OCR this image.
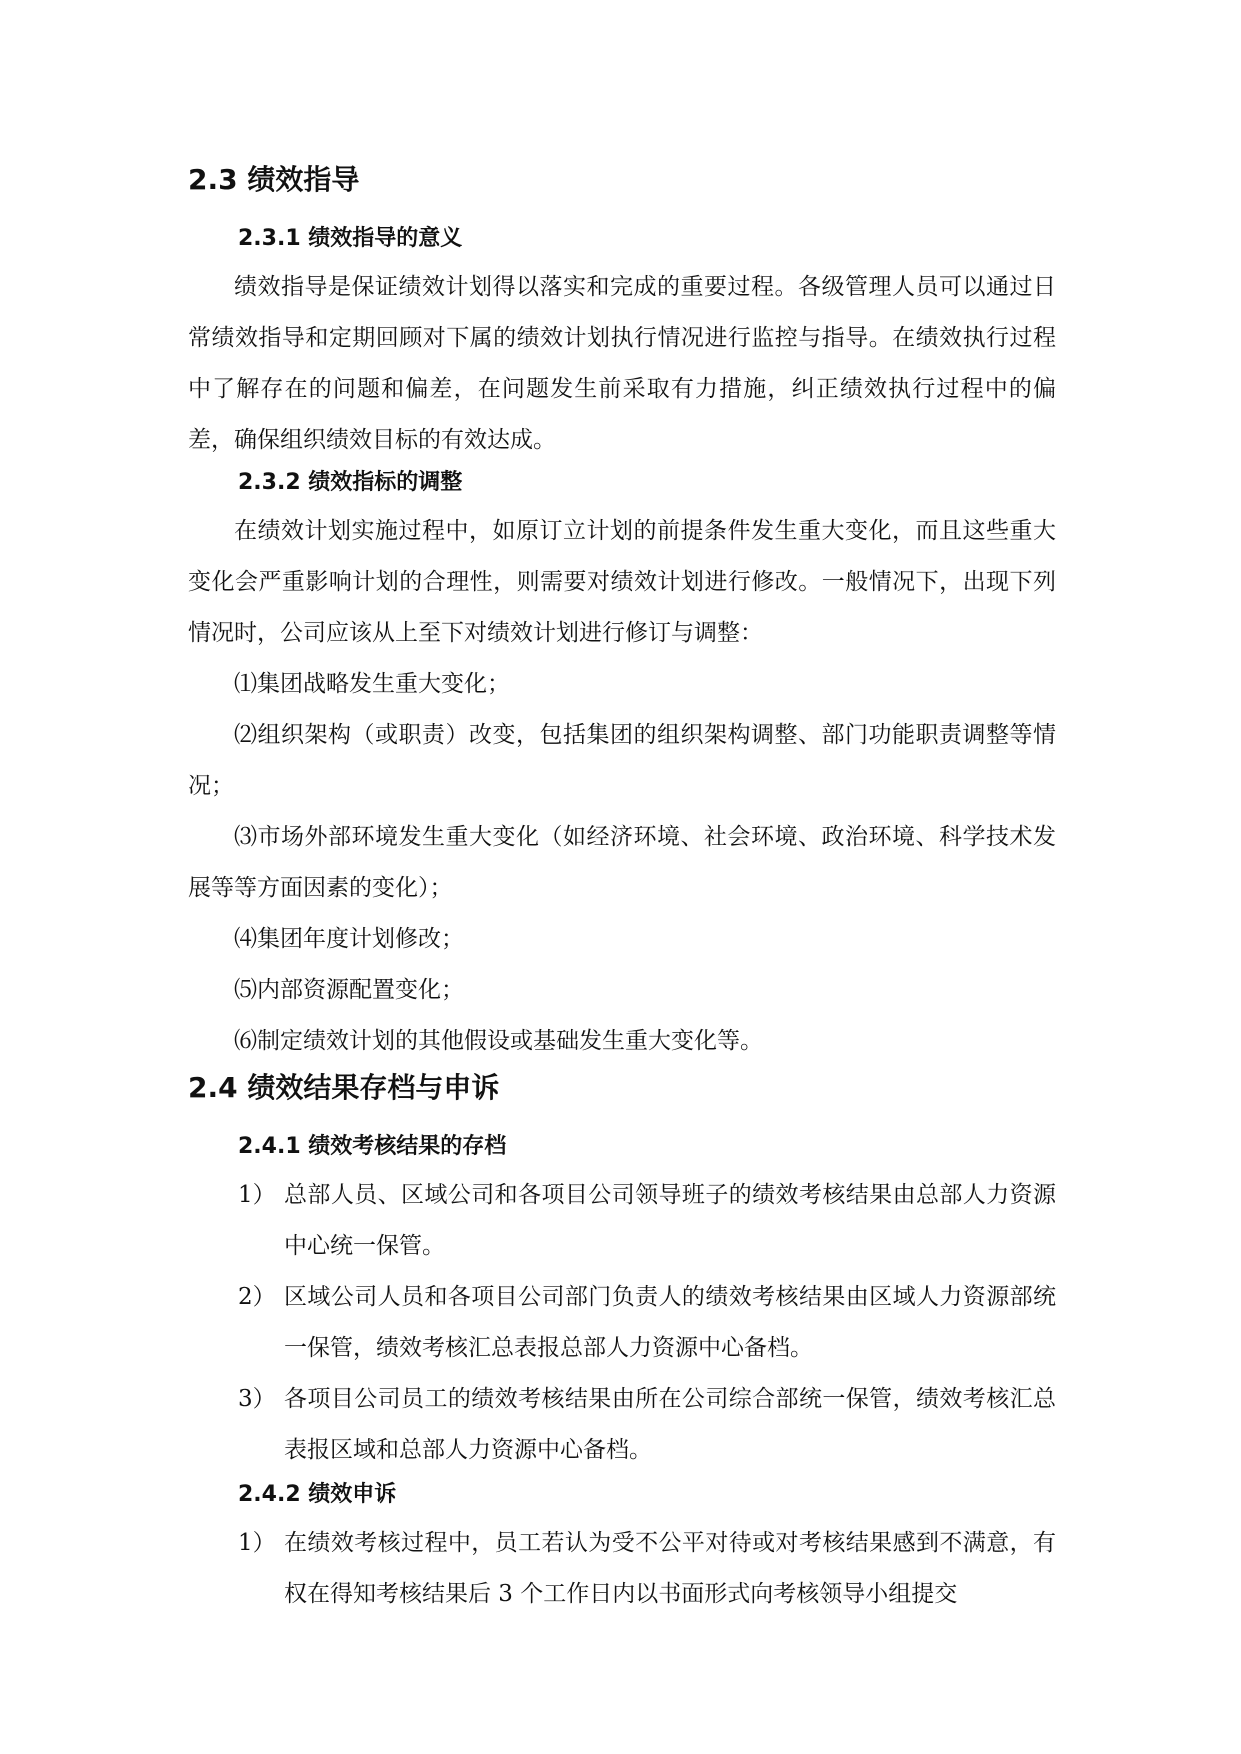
2.3 绩效指导
2.3.1 绩效指导的意义

绩效指导是保证绩效计划得以落实和完成的重要过程。各级管理人员可以通过日常绩效指导和定期回顾对下属的绩效计划执行情况进行监控与指导。在绩效执行过程中了解存在的问题和偏差，在问题发生前采取有力措施，纠正绩效执行过程中的偏差，确保组织绩效目标的有效达成。

2.3.2 绩效指标的调整

在绩效计划实施过程中，如原订立计划的前提条件发生重大变化，而且这些重大变化会严重影响计划的合理性，则需要对绩效计划进行修改。一般情况下，出现下列情况时，公司应该从上至下对绩效计划进行修订与调整：

⑴集团战略发生重大变化；

⑵组织架构（或职责）改变，包括集团的组织架构调整、部门功能职责调整等情况；

⑶市场外部环境发生重大变化（如经济环境、社会环境、政治环境、科学技术发展等等方面因素的变化）；

⑷集团年度计划修改；

⑸内部资源配置变化；

⑹制定绩效计划的其他假设或基础发生重大变化等。

2.4 绩效结果存档与申诉
2.4.1 绩效考核结果的存档
1） 总部人员、区域公司和各项目公司领导班子的绩效考核结果由总部人力资源中心统一保管。
2） 区域公司人员和各项目公司部门负责人的绩效考核结果由区域人力资源部统一保管，绩效考核汇总表报总部人力资源中心备档。
3） 各项目公司员工的绩效考核结果由所在公司综合部统一保管，绩效考核汇总表报区域和总部人力资源中心备档。
2.4.2 绩效申诉
1） 在绩效考核过程中，员工若认为受不公平对待或对考核结果感到不满意，有权在得知考核结果后 3 个工作日内以书面形式向考核领导小组提交
